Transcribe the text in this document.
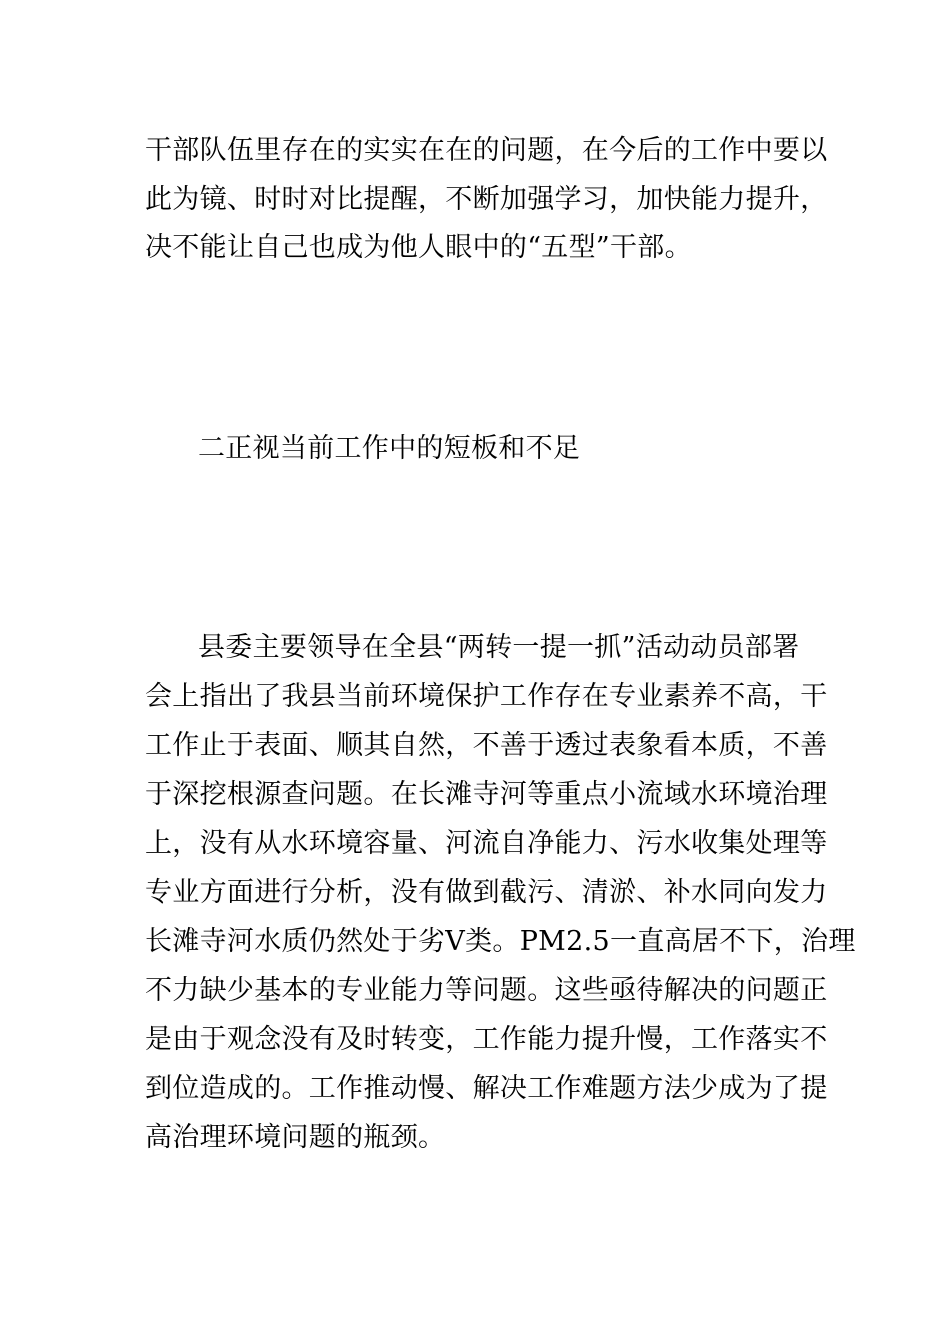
干部队伍里存在的实实在在的问题，在今后的工作中要以
此为镜、时时对比提醒，不断加强学习，加快能力提升，
决不能让自己也成为他人眼中的“五型”干部。
二正视当前工作中的短板和不足
县委主要领导在全县“两转一提一抓”活动动员部署
会上指出了我县当前环境保护工作存在专业素养不高，干
工作止于表面、顺其自然，不善于透过表象看本质，不善
于深挖根源查问题。在长滩寺河等重点小流域水环境治理
上，没有从水环境容量、河流自净能力、污水收集处理等
专业方面进行分析，没有做到截污、清淤、补水同向发力
长滩寺河水质仍然处于劣Ⅴ类。PM2.5一直高居不下，治理
不力缺少基本的专业能力等问题。这些亟待解决的问题正
是由于观念没有及时转变，工作能力提升慢，工作落实不
到位造成的。工作推动慢、解决工作难题方法少成为了提
高治理环境问题的瓶颈。
